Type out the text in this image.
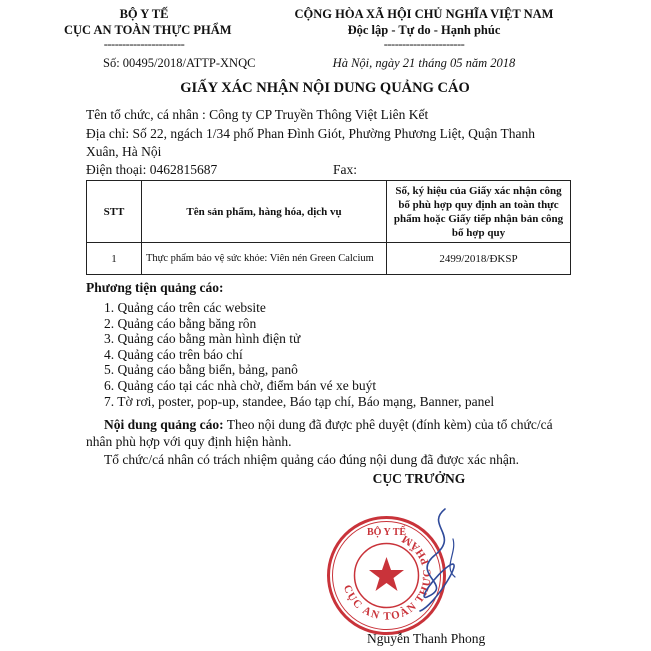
BỘ Y TẾ
CỤC AN TOÀN THỰC PHẨM
----------------------
Số: 00495/2018/ATTP-XNQC
CỘNG HÒA XÃ HỘI CHỦ NGHĨA VIỆT NAM
Độc lập - Tự do - Hạnh phúc
----------------------
Hà Nội, ngày 21 tháng 05 năm 2018
GIẤY XÁC NHẬN NỘI DUNG QUẢNG CÁO
Tên tổ chức, cá nhân : Công ty CP Truyền Thông Việt Liên Kết
Địa chỉ: Số 22, ngách 1/34 phố Phan Đình Giót, Phường Phương Liệt, Quận Thanh
Xuân, Hà Nội
Điện thoại: 0462815687	Fax:
STT	Tên sản phẩm, hàng hóa, dịch vụ	Số, ký hiệu của Giấy xác nhận công bố phù hợp quy định an toàn thực phẩm hoặc Giấy tiếp nhận bản công bố hợp quy
1	Thực phẩm bảo vệ sức khỏe: Viên nén Green Calcium	2499/2018/ĐKSP
Phương tiện quảng cáo:
1. Quảng cáo trên các website
2. Quảng cáo bằng băng rôn
3. Quảng cáo bằng màn hình điện tử
4. Quảng cáo trên báo chí
5. Quảng cáo bằng biển, bảng, panô
6. Quảng cáo tại các nhà chờ, điểm bán vé xe buýt
7. Tờ rơi, poster, pop-up, standee, Báo tạp chí, Báo mạng, Banner, panel
Nội dung quảng cáo: Theo nội dung đã được phê duyệt (đính kèm) của tổ chức/cá
nhân phù hợp với quy định hiện hành.
Tổ chức/cá nhân có trách nhiệm quảng cáo đúng nội dung đã được xác nhận.
CỤC TRƯỞNG
CỤC AN TOÀN THỰC PHẨM
BỘ Y TẾ
Nguyễn Thanh Phong
